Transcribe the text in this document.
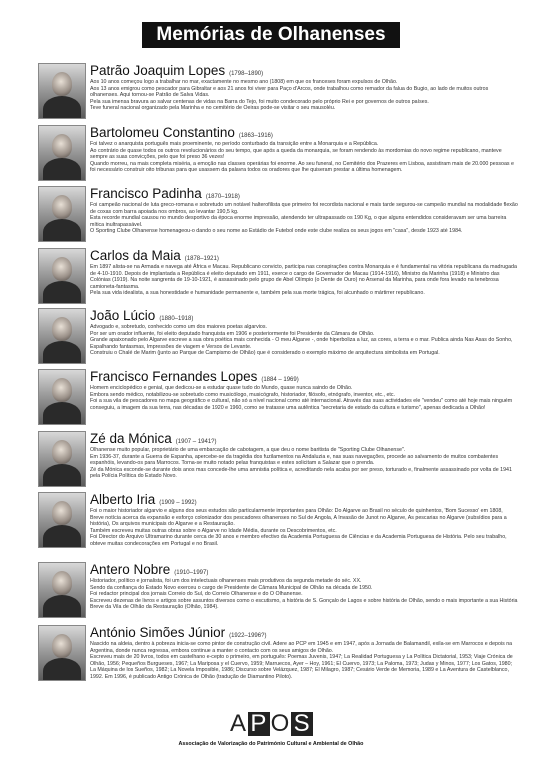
Memórias de Olhanenses
Patrão Joaquim Lopes (1798–1890)

Aos 10 anos começou logo a trabalhar no mar, exactamente no mesmo ano (1808) em que os franceses foram expulsos de Olhão.

Aos 13 anos emigrou como pescador para Gibraltar e aos 21 anos foi viver para Paço d'Arcos, onde trabalhou como remador da falua do Bugio, ao lado de muitos outros olhanenses. Aqui tornou-se Patrão de Salva Vidas.

Pela sua imensa bravura ao salvar centenas de vidas na Barra do Tejo, foi muito condecorado pelo próprio Rei e por governos de outros países.

Teve funeral nacional organizado pela Marinha e no cemitério de Oeiras pode-se visitar o seu mausoléu.

Bartolomeu Constantino (1863–1916)

Foi talvez o anarquista português mais proeminente, no período conturbado da transição entre a Monarquia e a República.

Ao contrário de quase todos os outros revolucionários do seu tempo, que após a queda da monarquia, se foram rendendo às mordomias do novo regime republicano, manteve sempre as suas convicções, pelo que foi preso 36 vezes!

Quando morreu, na mais completa miséria, a emoção nas classes operárias foi enorme. Ao seu funeral, no Cemitério dos Prazeres em Lisboa, assistiram mais de 20.000 pessoas e foi necessário construir oito tribunas para que usassem da palavra todos os oradores que lhe quiseram prestar a última homenagem.

Francisco Padinha (1870–1918)

Foi campeão nacional de luta greco-romana e sobretudo um notável halterofilista que primeiro foi recordista nacional e mais tarde segurou-se campeão mundial na modalidade flexão de coxas com barra apoiada nos ombros, ao levantar 190,5 kg.

Esta recorde mundial causou no mundo desportivo da época enorme impressão, atendendo ter ultrapassado os 190 Kg, o que alguns entendidos consideravam ser uma barreira mítica inultrapassável.

O Sporting Clube Olhanense homenageou-o dando o seu nome ao Estádio de Futebol onde este clube realiza os seus jogos em "casa", desde 1923 até 1984.

Carlos da Maia (1878–1921)

Em 1897 alista-se na Armada e navega até África e Macau. Republicano convicto, participa nas conspirações contra Monarquia e é fundamental na vitória republicana da madrugada de 4-10-1910. Depois de implantada a República é eleito deputado em 1911, exerce o cargo de Governador de Macau (1914-1916), Ministro da Marinha (1918) e Ministro das Colónias (1919). Na noite sangrenta de 19-10-1921, é assassinado pelo grupo de Abel Olímpio (o Dente de Ouro) no Arsenal da Marinha, para onde fora levado na tenebrosa camioneta-fantasma.

Pela sua vida idealista, a sua honestidade e humanidade permanente e, também pela sua morte trágica, foi alcunhado o mártirrer republicano.

João Lúcio (1880–1918)

Advogado e, sobretudo, conhecido como um dos maiores poetas algarvios.

Por ser um orador influente, foi eleito deputado franquista em 1906 e posteriormente foi Presidente da Câmara de Olhão.

Grande apaixonado pelo Algarve escreve a sua obra poética mais conhecida - O meu Algarve -, onde hiperboliza a luz, as cores, a terra e o mar. Publica ainda Nas Asas do Sonho, Espalhando fantasmas, Impressões de viagem e Versos de Levante.

Construiu o Chalé de Marim (junto ao Parque de Campismo de Olhão) que é considerado o exemplo máximo de arquitectura simbolista em Portugal.

Francisco Fernandes Lopes (1884 – 1969)

Homem enciclopédico e genial, que dedicou-se a estudar quase tudo do Mundo, quase nunca saindo de Olhão.

Embora sendo médico, notabilizou-se sobretudo como musicólogo, musicógrafo, historiador, filósofo, etnógrafo, inventor, etc., etc.

Foi a sua vila de pescadores no mapa geográfico e cultural, não só a nível nacional como até internacional. Através das suas actividades ele "vendeu" como até hoje mais ninguém conseguiu, a imagem da sua terra, nas décadas de 1920 e 1960, como se tratasse uma autêntica "secretaria de estado da cultura e turismo", apenas dedicada a Olhão!

Zé da Mónica (1907 – 1941?)

Olhanense muito popular, proprietário de uma embarcação de cabotagem, a que deu o nome baritista de "Sporting Clube Olhanense".

Em 1936-37, durante a Guerra de Espanha, apercebe-se da tragédia dos fuzilamentos na Andaluzia e, nas suas navegações, procede ao salvamento de muitos combatentes espanhóis, levando-os para Marrocos. Torna-se muito notado pelas franquistas e estes solicitam a Salazar que o prenda.

Zé da Mónica esconde-se durante dois anos mas concede-lhe uma amnistia política e, acreditando nela acaba por ser preso, torturado e, finalmente assassinado por volta de 1941 pela Polícia Política do Estado Novo.

Alberto Iria (1909 – 1992)

Foi o maior historiador algarvio e alguns dos seus estudos são particularmente importantes para Olhão: Do Algarve ao Brasil no século de quinhentos, 'Bom Sucesso' em 1808, Breve notícia acerca da expansão e esforço colonizador dos pescadores olhanenses no Sul de Angola, A Invasão de Junot no Algarve, As pescarias no Algarve (subsídios para a história), Os arquivos municipais do Algarve e a Restauração.

Também escreveu muitas outras obras sobre o Algarve no Idade Média, durante os Descobrimentos, etc.

Foi Director do Arquivo Ultramarino durante cerca de 30 anos e membro efectivo da Academia Portuguesa de Ciências e da Academia Portuguesa de História. Pelo seu trabalho, obteve muitas condecorações em Portugal e no Brasil.

Antero Nobre (1910–1997)

Historiador, político e jornalista, foi um dos intelectuais olhanenses mais produtivos da segunda metade do séc. XX.

Sendo da confiança do Estado Novo exerceu o cargo de Presidente de Câmara Municipal de Olhão na década de 1950.

Foi redactor principal dos jornais Correio do Sul, do Correio Olhanense e do O Olhanense.

Escreveu dezenas de livros e artigos sobre assuntos diversos como o escutismo, a história de S. Gonçalo de Lagos e sobre história de Olhão, sendo o mais importante a sua História Breve da Vila de Olhão da Restauração (Olhão, 1984).

António Simões Júnior (1922–1996?)

Nascido na aldeia, dentro à pobreza inicia-se como pintor de construção civil. Adere ao PCP em 1945 e em 1947, após a Jornada de Balamandil, exila-se em Marrocos e depois na Argentina, donde nunca regressa, embora continue a manter o contacto com os seus amigos de Olhão.

Escreveu mais de 20 livros, todos em castelhano e-cepto o primeiro, em português: Poemas Juvenis, 1947; La Realidad Portuguesa y La Política Dictatorial, 1953; Viaje Crónica de Olhão, 1956; Pequeños Burgueses, 1967; La Mariposa y el Cuervo, 1959; Marruecos, Ayer – Hoy, 1961; El Cuervo, 1973; La Paloma, 1973; Judas y Minos, 1977; Los Gatos, 1980; La Máquina de los Sueños, 1982; La Novela Imposible, 1986; Discurso sobre Velázquez, 1987; El Milagro, 1987; Cesário Verde de Memoria, 1989 e La Aventura de Castelblanco, 1992. Em 1996, é publicado Antigo Crónica de Olhão (tradução de Diamantino Piloto).

A P O S
Associação de Valorização do Património Cultural e Ambiental de Olhão
